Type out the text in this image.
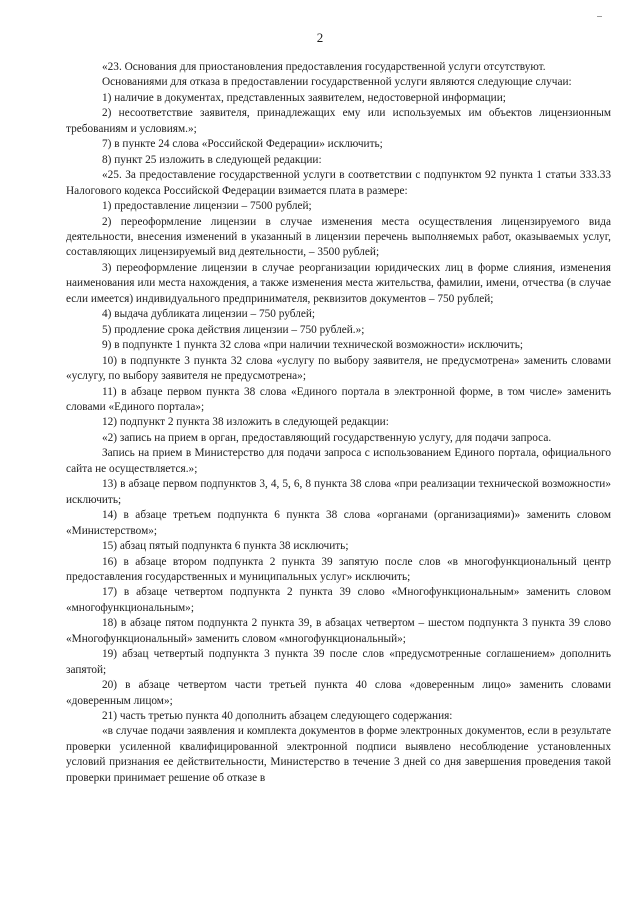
2

«23. Основания для приостановления предоставления государственной услуги отсутствуют.

Основаниями для отказа в предоставлении государственной услуги являются следующие случаи:

1) наличие в документах, представленных заявителем, недостоверной информации;

2) несоответствие заявителя, принадлежащих ему или используемых им объектов лицензионным требованиям и условиям.»;

7) в пункте 24 слова «Российской Федерации» исключить;

8) пункт 25 изложить в следующей редакции:

«25. За предоставление государственной услуги в соответствии с подпунктом 92 пункта 1 статьи 333.33 Налогового кодекса Российской Федерации взимается плата в размере:

1) предоставление лицензии – 7500 рублей;

2) переоформление лицензии в случае изменения места осуществления лицензируемого вида деятельности, внесения изменений в указанный в лицензии перечень выполняемых работ, оказываемых услуг, составляющих лицензируемый вид деятельности, – 3500 рублей;

3) переоформление лицензии в случае реорганизации юридических лиц в форме слияния, изменения наименования или места нахождения, а также изменения места жительства, фамилии, имени, отчества (в случае если имеется) индивидуального предпринимателя, реквизитов документов – 750 рублей;

4) выдача дубликата лицензии – 750 рублей;

5) продление срока действия лицензии – 750 рублей.»;

9) в подпункте 1 пункта 32 слова «при наличии технической возможности» исключить;

10) в подпункте 3 пункта 32 слова «услугу по выбору заявителя, не предусмотрена» заменить словами «услугу, по выбору заявителя не предусмотрена»;

11) в абзаце первом пункта 38 слова «Единого портала в электронной форме, в том числе» заменить словами «Единого портала»;

12) подпункт 2 пункта 38 изложить в следующей редакции:

«2) запись на прием в орган, предоставляющий государственную услугу, для подачи запроса.

Запись на прием в Министерство для подачи запроса с использованием Единого портала, официального сайта не осуществляется.»;

13) в абзаце первом подпунктов 3, 4, 5, 6, 8 пункта 38 слова «при реализации технической возможности» исключить;

14) в абзаце третьем подпункта 6 пункта 38 слова «органами (организациями)» заменить словом «Министерством»;

15) абзац пятый подпункта 6 пункта 38 исключить;

16) в абзаце втором подпункта 2 пункта 39 запятую после слов «в многофункциональный центр предоставления государственных и муниципальных услуг» исключить;

17) в абзаце четвертом подпункта 2 пункта 39 слово «Многофункциональным» заменить словом «многофункциональным»;

18) в абзаце пятом подпункта 2 пункта 39, в абзацах четвертом – шестом подпункта 3 пункта 39 слово «Многофункциональный» заменить словом «многофункциональный»;

19) абзац четвертый подпункта 3 пункта 39 после слов «предусмотренные соглашением» дополнить запятой;

20) в абзаце четвертом части третьей пункта 40 слова «доверенным лицо» заменить словами «доверенным лицом»;

21) часть третью пункта 40 дополнить абзацем следующего содержания:

«в случае подачи заявления и комплекта документов в форме электронных документов, если в результате проверки усиленной квалифицированной электронной подписи выявлено несоблюдение установленных условий признания ее действительности, Министерство в течение 3 дней со дня завершения проведения такой проверки принимает решение об отказе в
